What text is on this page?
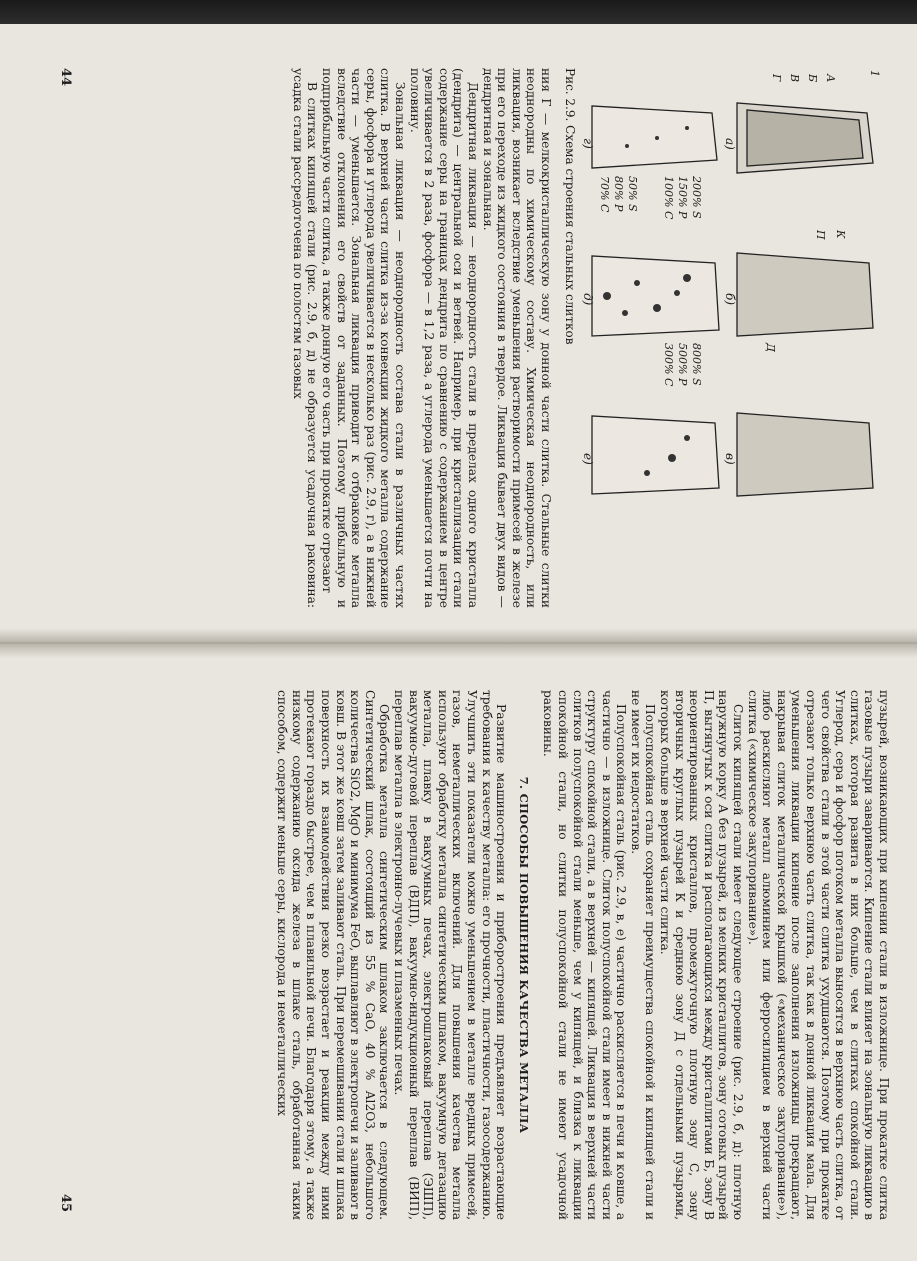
а)
б)
в)
г)
д)
е)
1
А
Б
В
Г
К
П
Д
200% S
150% P
100% C
50% S
80% P
70% C
800% S
500% P
300% C
Рис. 2.9. Схема строения стальных слитков

ния Г — мелкокристаллическую зону у донной части слитка. Стальные слитки неоднородны по химическому составу. Химическая неоднородность, или ликвация, возникает вследствие уменьшения растворимости примесей в железе при его переходе из жидкого состояния в твердое. Ликвация бывает двух видов — дендритная и зональная.

Дендритная ликвация — неоднородность стали в пределах одного кристалла (дендрита) — центральной оси и ветвей. Например, при кристаллизации стали содержание серы на границах дендрита по сравнению с содержанием в центре увеличивается в 2 раза, фосфора — в 1,2 раза, а углерода уменьшается почти на половину.

Зональная ликвация — неоднородность состава стали в различных частях слитка. В верхней части слитка из-за конвекции жидкого металла содержание серы, фосфора и углерода увеличивается в несколько раз (рис. 2.9, г), а в нижней части — уменьшается. Зональная ликвация приводит к отбраковке металла вследствие отклонения его свойств от заданных. Поэтому прибыльную и подприбыльную части слитка, а также донную его часть при прокатке отрезают

В слитках кипящей стали (рис. 2.9, б, д) не образуется усадочная раковина: усадка стали рассредоточена по полостям газовых

44

пузырей, возникающих при кипении стали в изложнице. При прокатке слитка газовые пузыри завариваются. Кипение стали влияет на зональную ликвацию в слитках, которая развита в них больше, чем в слитках спокойной стали. Углерод, сера и фосфор потоком металла выносятся в верхнюю часть слитка, от чего свойства стали в этой части слитка ухудшаются. Поэтому при прокатке отрезают только верхнюю часть слитка, так как в донной ликвация мала. Для уменьшения ликвации кипение после заполнения изложницы прекращают, накрывая слиток металлической крышкой («механическое закупоривание»), либо раскисляют металл алюминием или ферросилицием в верхней части слитка («химическое закупоривание»).

Слиток кипящей стали имеет следующее строение (рис. 2.9, б, д): плотную наружную корку А без пузырей, из мелких кристаллитов, зону сотовых пузырей П, вытянутых к оси слитка и располагающихся между кристаллитами Б, зону В неориентированных кристаллов, промежуточную плотную зону С, зону вторичных круглых пузырей К и среднюю зону Д с отдельными пузырями, которых больше в верхней части слитка.

Полуспокойная сталь сохраняет преимущества спокойной и кипящей стали и не имеет их недостатков.

Полуспокойная сталь (рис. 2.9, в, е) частично раскисляется в печи и ковше, а частично — в изложнице. Слиток полуспокойной стали имеет в нижней части структуру спокойной стали, а в верхней — кипящей. Ликвация в верхней части слитков полуспокойной стали меньше, чем у кипящей, и близка к ликвации спокойной стали, но слитки полуспокойной стали не имеют усадочной раковины.

7. СПОСОБЫ ПОВЫШЕНИЯ КАЧЕСТВА МЕТАЛЛА

Развитие машиностроения и приборостроения предъявляет возрастающие требования к качеству металла: его прочности, пластичности, газосодержанию. Улучшить эти показатели можно уменьшением в металле вредных примесей, газов, неметаллических включений. Для повышения качества металла используют обработку металла синтетическим шлаком, вакуумную дегазацию металла, плавку в вакуумных печах, электрошлаковый переплав (ЭШП), вакуумно-дуговой переплав (ВДП), вакуумно-индукционный переплав (ВИП), переплав металла в электронно-лучевых и плазменных печах.

Обработка металла синтетическим шлаком заключается в следующем. Синтетический шлак, состоящий из 55 % CaO, 40 % Al2O3, небольшого количества SiO2, MgO и минимума FeO, выплавляют в электропечи и заливают в ковш. В этот же ковш затем заливают сталь. При перемешивании стали и шлака поверхность их взаимодействия резко возрастает и реакции между ними протекают гораздо быстрее, чем в плавильной печи. Благодаря этому, а также низкому содержанию оксида железа в шлаке сталь, обработанная таким способом, содержит меньше серы, кислорода и неметаллических

45
